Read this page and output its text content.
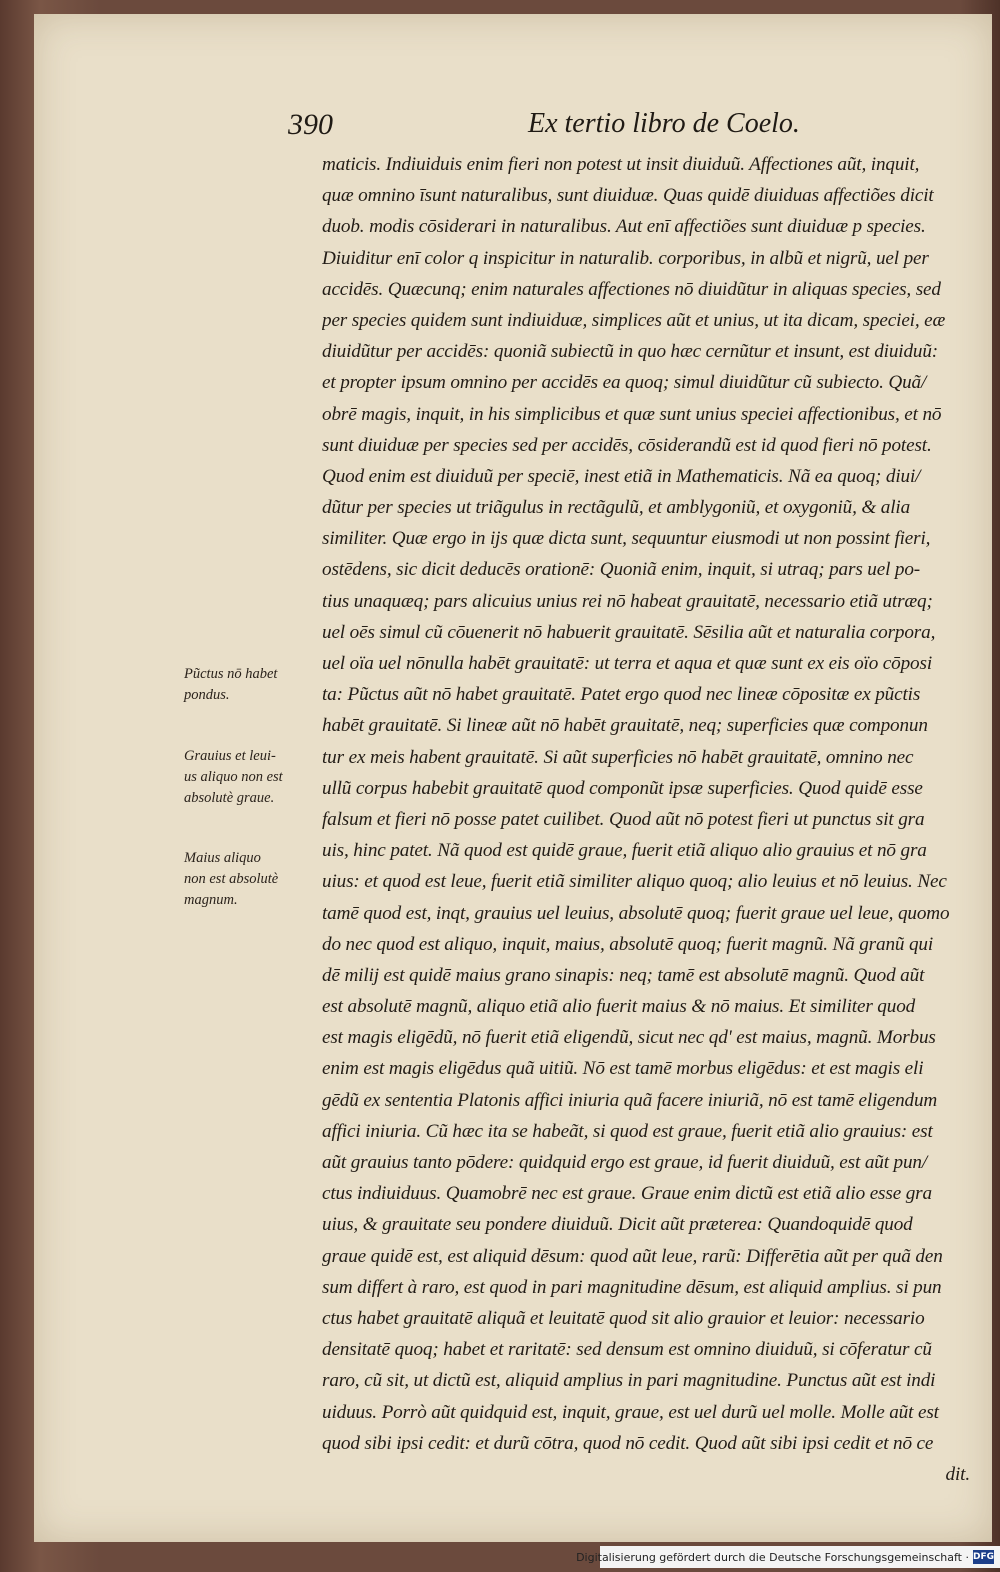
390	Ex tertio libro de Coelo.
Pũctus nō habet
pondus.
Grauius et leui-
us aliquo non est
absolutè graue.
Maius aliquo
non est absolutè
magnum.
maticis. Indiuiduis enim fieri non potest ut insit diuiduũ. Affectiones aũt, inquit,
quæ omnino īsunt naturalibus, sunt diuiduæ. Quas quidē diuiduas affectiões dicit
duob. modis cōsiderari in naturalibus. Aut enī affectiões sunt diuiduæ p species.
Diuiditur enī color q inspicitur in naturalib. corporibus, in albũ et nigrũ, uel per
accidēs. Quæcunq; enim naturales affectiones nō diuidũtur in aliquas species, sed
per species quidem sunt indiuiduæ, simplices aũt et unius, ut ita dicam, speciei, eæ
diuidũtur per accidēs: quoniã subiectũ in quo hæc cernũtur et insunt, est diuiduũ:
et propter ipsum omnino per accidēs ea quoq; simul diuidũtur cũ subiecto. Quã/
obrē magis, inquit, in his simplicibus et quæ sunt unius speciei affectionibus, et nō
sunt diuiduæ per species sed per accidēs, cōsiderandũ est id quod fieri nō potest.
Quod enim est diuiduũ per speciē, inest etiã in Mathematicis. Nã ea quoq; diui/
dũtur per species ut triãgulus in rectãgulũ, et amblygoniũ, et oxygoniũ, & alia
similiter. Quæ ergo in ijs quæ dicta sunt, sequuntur eiusmodi ut non possint fieri,
ostēdens, sic dicit deducēs orationē: Quoniã enim, inquit, si utraq; pars uel po-
tius unaquæq; pars alicuius unius rei nō habeat grauitatē, necessario etiã utræq;
uel oēs simul cũ cōuenerit nō habuerit grauitatē. Sēsilia aũt et naturalia corpora,
uel oïa uel nōnulla habēt grauitatē: ut terra et aqua et quæ sunt ex eis oïo cōposi
ta: Pũctus aũt nō habet grauitatē. Patet ergo quod nec lineæ cōpositæ ex pũctis
habēt grauitatē. Si lineæ aũt nō habēt grauitatē, neq; superficies quæ componun
tur ex meis habent grauitatē. Si aũt superficies nō habēt grauitatē, omnino nec
ullũ corpus habebit grauitatē quod componũt ipsæ superficies. Quod quidē esse
falsum et fieri nō posse patet cuilibet. Quod aũt nō potest fieri ut punctus sit gra
uis, hinc patet. Nã quod est quidē graue, fuerit etiã aliquo alio grauius et nō gra
uius: et quod est leue, fuerit etiã similiter aliquo quoq; alio leuius et nō leuius. Nec
tamē quod est, inqt, grauius uel leuius, absolutē quoq; fuerit graue uel leue, quomo
do nec quod est aliquo, inquit, maius, absolutē quoq; fuerit magnũ. Nã granũ qui
dē milij est quidē maius grano sinapis: neq; tamē est absolutē magnũ. Quod aũt
est absolutē magnũ, aliquo etiã alio fuerit maius & nō maius. Et similiter quod
est magis eligēdũ, nō fuerit etiã eligendũ, sicut nec qd' est maius, magnũ. Morbus
enim est magis eligēdus quã uitiũ. Nō est tamē morbus eligēdus: et est magis eli
gēdũ ex sententia Platonis affici iniuria quã facere iniuriã, nō est tamē eligendum
affici iniuria. Cũ hæc ita se habeãt, si quod est graue, fuerit etiã alio grauius: est
aũt grauius tanto pōdere: quidquid ergo est graue, id fuerit diuiduũ, est aũt pun/
ctus indiuiduus. Quamobrē nec est graue. Graue enim dictũ est etiã alio esse gra
uius, & grauitate seu pondere diuiduũ. Dicit aũt præterea: Quandoquidē quod
graue quidē est, est aliquid dēsum: quod aũt leue, rarũ: Differētia aũt per quã den
sum differt à raro, est quod in pari magnitudine dēsum, est aliquid amplius. si pun
ctus habet grauitatē aliquã et leuitatē quod sit alio grauior et leuior: necessario
densitatē quoq; habet et raritatē: sed densum est omnino diuiduũ, si cōferatur cũ
raro, cũ sit, ut dictũ est, aliquid amplius in pari magnitudine. Punctus aũt est indi
uiduus. Porrò aũt quidquid est, inquit, graue, est uel durũ uel molle. Molle aũt est
quod sibi ipsi cedit: et durũ cōtra, quod nō cedit. Quod aũt sibi ipsi cedit et nō ce
dit.
Digitalisierung gefördert durch die Deutsche Forschungsgemeinschaft · DFG
